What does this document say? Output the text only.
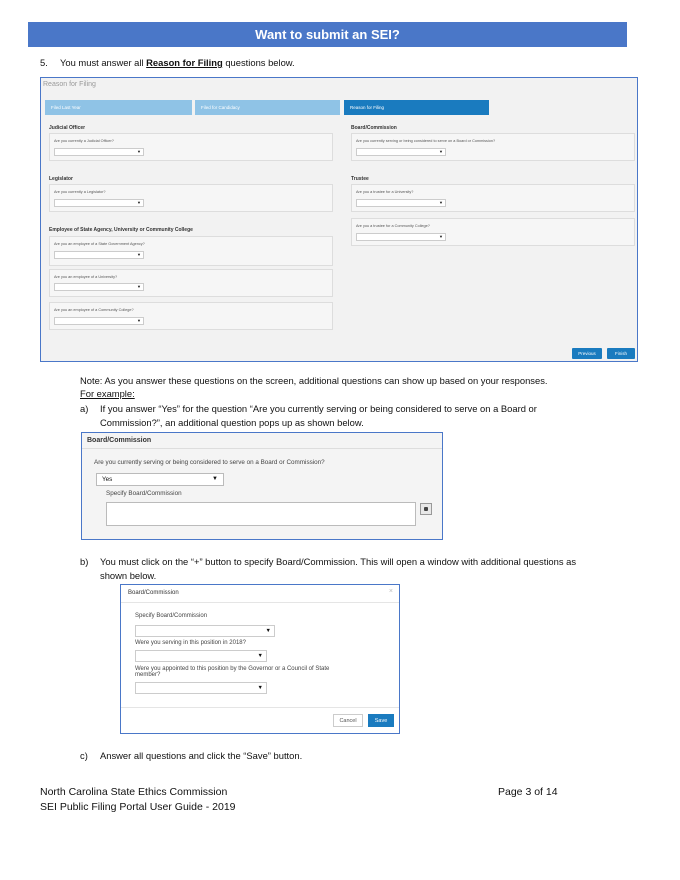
Want to submit an SEI?
5. You must answer all Reason for Filing questions below.
Reason for Filing
Filed Last Year	Filed for Candidacy	Reason for Filing
Judicial Officer
Are you currently a Judicial Officer?
▼
Legislator
Are you currently a Legislator?
▼
Employee of State Agency, University or Community College
Are you an employee of a State Government Agency?
▼
Are you an employee of a University?
▼
Are you an employee of a Community College?
▼
Board/Commission
Are you currently serving or being considered to serve on a Board or Commission?
▼
Trustee
Are you a trustee for a University?
▼
Are you a trustee for a Community College?
▼
Previous	Finish
Note: As you answer these questions on the screen, additional questions can show up based on your responses.
For example:
a) If you answer “Yes” for the question “Are you currently serving or being considered to serve on a Board or
Commission?”, an additional question pops up as shown below.
Board/Commission
Are you currently serving or being considered to serve on a Board or Commission?
Yes	▼
Specify Board/Commission
b) You must click on the “+” button to specify Board/Commission. This will open a window with additional questions as
shown below.
Board/Commission	×
Specify Board/Commission
▼
Were you serving in this position in 2018?
▼
Were you appointed to this position by the Governor or a Council of State
member?
▼
Cancel	Save
c) Answer all questions and click the “Save” button.
North Carolina State Ethics Commission
SEI Public Filing Portal User Guide - 2019
Page 3 of 14
